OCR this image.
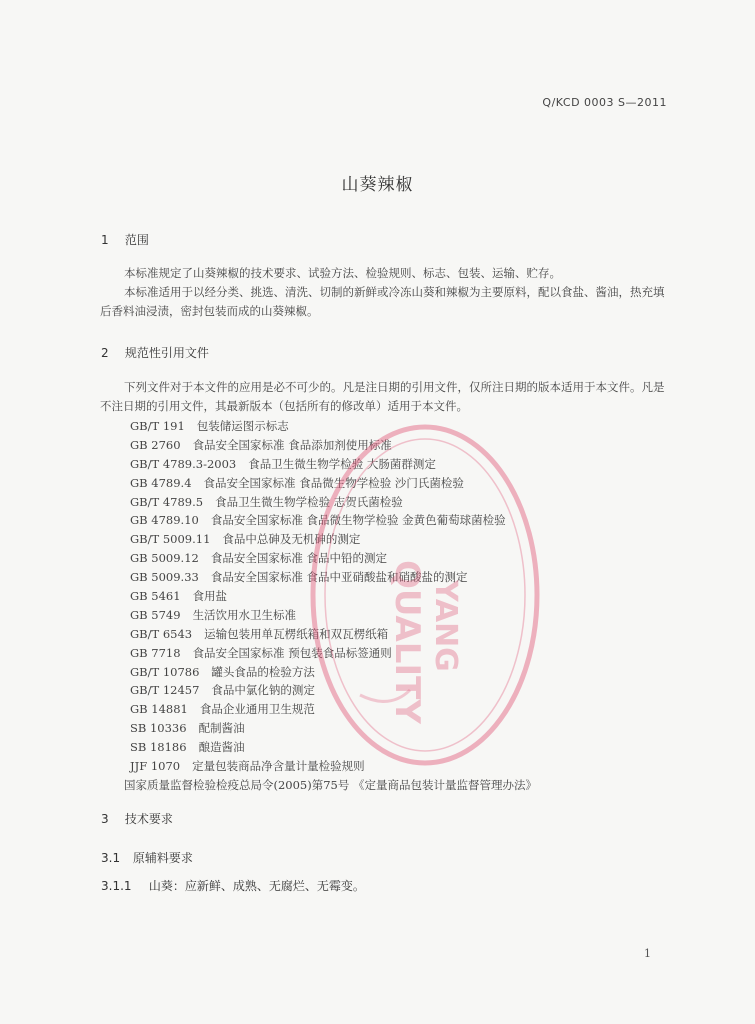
Q/KCD 0003 S—2011
山葵辣椒
1 范围

本标准规定了山葵辣椒的技术要求、试验方法、检验规则、标志、包装、运输、贮存。

本标准适用于以经分类、挑选、清洗、切制的新鲜或冷冻山葵和辣椒为主要原料，配以食盐、酱油，热充填后香料油浸渍，密封包装而成的山葵辣椒。

2 规范性引用文件

下列文件对于本文件的应用是必不可少的。凡是注日期的引用文件，仅所注日期的版本适用于本文件。凡是不注日期的引用文件，其最新版本（包括所有的修改单）适用于本文件。

GB/T 191 包装储运图示标志
GB 2760 食品安全国家标准 食品添加剂使用标准
GB/T 4789.3-2003 食品卫生微生物学检验 大肠菌群测定
GB 4789.4 食品安全国家标准 食品微生物学检验 沙门氏菌检验
GB/T 4789.5 食品卫生微生物学检验 志贺氏菌检验
GB 4789.10 食品安全国家标准 食品微生物学检验 金黄色葡萄球菌检验
GB/T 5009.11 食品中总砷及无机砷的测定
GB 5009.12 食品安全国家标准 食品中铅的测定
GB 5009.33 食品安全国家标准 食品中亚硝酸盐和硝酸盐的测定
GB 5461 食用盐
GB 5749 生活饮用水卫生标准
GB/T 6543 运输包装用单瓦楞纸箱和双瓦楞纸箱
GB 7718 食品安全国家标准 预包装食品标签通则
GB/T 10786 罐头食品的检验方法
GB/T 12457 食品中氯化钠的测定
GB 14881 食品企业通用卫生规范
SB 10336 配制酱油
SB 18186 酿造酱油
JJF 1070 定量包装商品净含量计量检验规则
国家质量监督检验检疫总局令(2005)第75号 《定量商品包装计量监督管理办法》
3 技术要求
3.1 原辅料要求
3.1.1 山葵：应新鲜、成熟、无腐烂、无霉变。
1
QUALITY YANG
